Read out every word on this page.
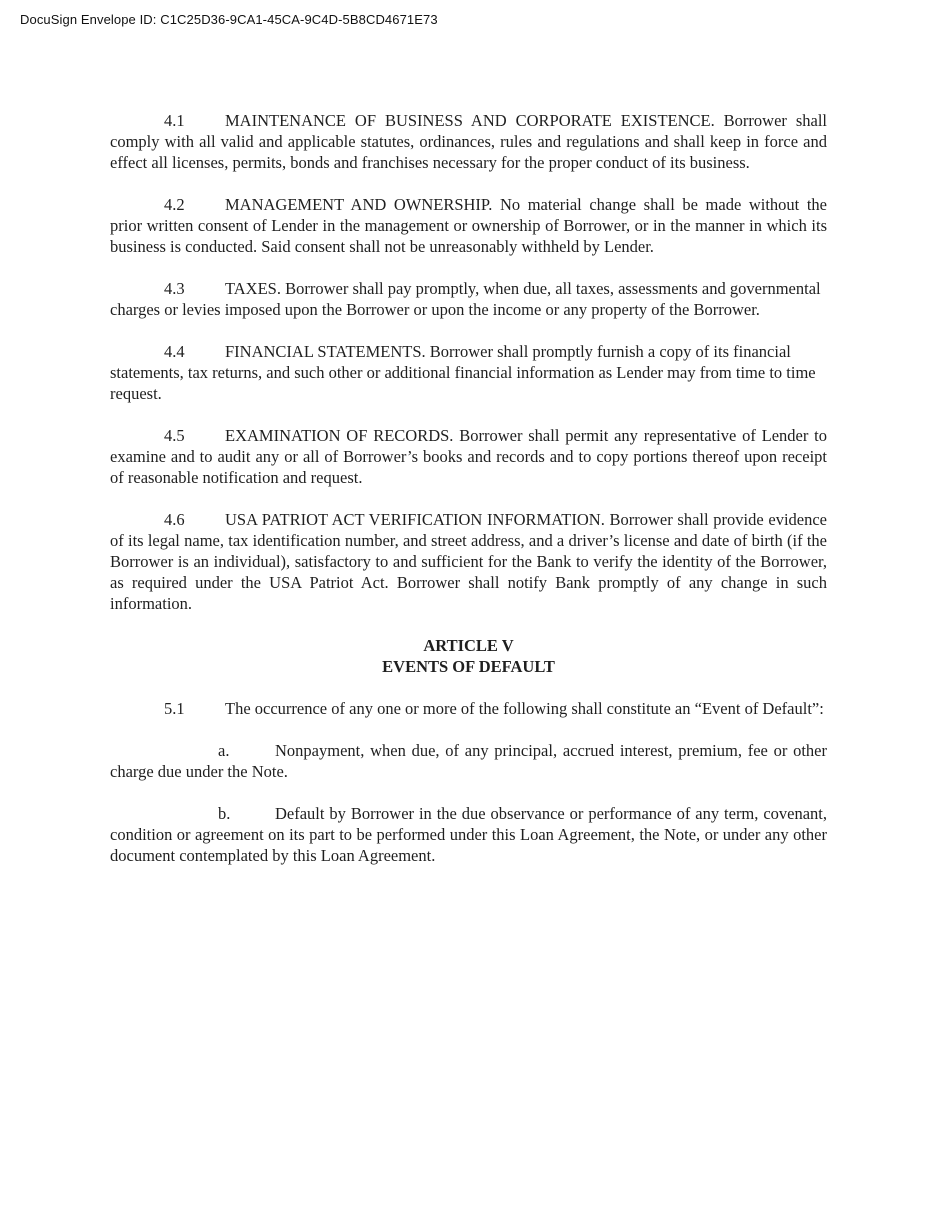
DocuSign Envelope ID: C1C25D36-9CA1-45CA-9C4D-5B8CD4671E73

4.1 MAINTENANCE OF BUSINESS AND CORPORATE EXISTENCE. Borrower shall comply with all valid and applicable statutes, ordinances, rules and regulations and shall keep in force and effect all licenses, permits, bonds and franchises necessary for the proper conduct of its business.

4.2 MANAGEMENT AND OWNERSHIP. No material change shall be made without the prior written consent of Lender in the management or ownership of Borrower, or in the manner in which its business is conducted. Said consent shall not be unreasonably withheld by Lender.

4.3 TAXES. Borrower shall pay promptly, when due, all taxes, assessments and governmental charges or levies imposed upon the Borrower or upon the income or any property of the Borrower.

4.4 FINANCIAL STATEMENTS. Borrower shall promptly furnish a copy of its financial statements, tax returns, and such other or additional financial information as Lender may from time to time request.

4.5 EXAMINATION OF RECORDS. Borrower shall permit any representative of Lender to examine and to audit any or all of Borrower’s books and records and to copy portions thereof upon receipt of reasonable notification and request.

4.6 USA PATRIOT ACT VERIFICATION INFORMATION. Borrower shall provide evidence of its legal name, tax identification number, and street address, and a driver’s license and date of birth (if the Borrower is an individual), satisfactory to and sufficient for the Bank to verify the identity of the Borrower, as required under the USA Patriot Act. Borrower shall notify Bank promptly of any change in such information.

ARTICLE V
EVENTS OF DEFAULT

5.1 The occurrence of any one or more of the following shall constitute an “Event of Default”:

a.	Nonpayment, when due, of any principal, accrued interest, premium, fee or other charge due under the Note.

b.	Default by Borrower in the due observance or performance of any term, covenant, condition or agreement on its part to be performed under this Loan Agreement, the Note, or under any other document contemplated by this Loan Agreement.
